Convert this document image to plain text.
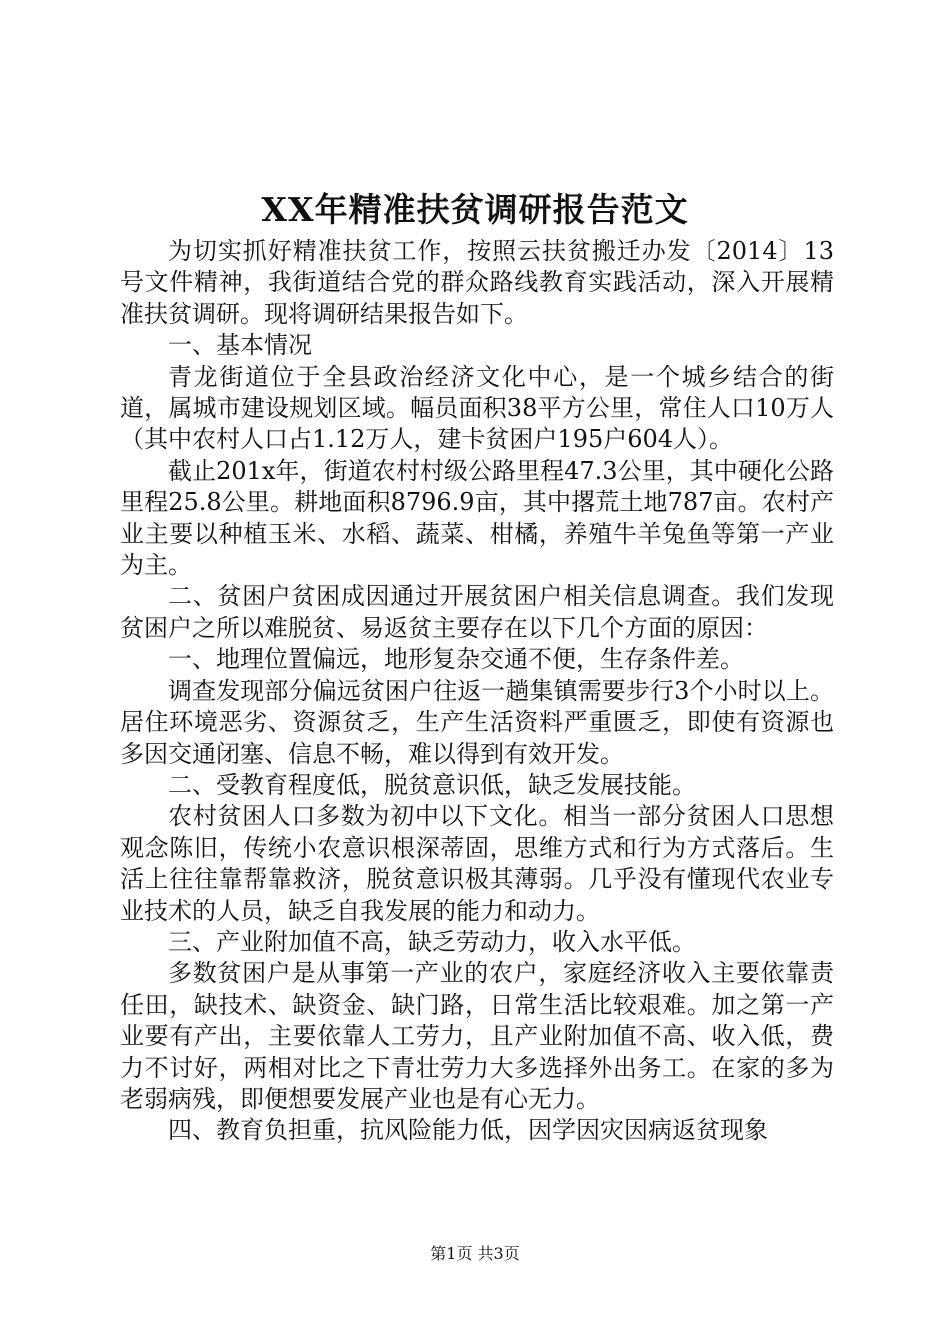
XX年精准扶贫调研报告范文

为切实抓好精准扶贫工作，按照云扶贫搬迁办发〔2014〕13号文件精神，我街道结合党的群众路线教育实践活动，深入开展精准扶贫调研。现将调研结果报告如下。

一、基本情况

青龙街道位于全县政治经济文化中心，是一个城乡结合的街道，属城市建设规划区域。幅员面积38平方公里，常住人口10万人（其中农村人口占1.12万人，建卡贫困户195户604人）。

截止201x年，街道农村村级公路里程47.3公里，其中硬化公路里程25.8公里。耕地面积8796.9亩，其中撂荒土地787亩。农村产业主要以种植玉米、水稻、蔬菜、柑橘，养殖牛羊兔鱼等第一产业为主。

二、贫困户贫困成因通过开展贫困户相关信息调查。我们发现贫困户之所以难脱贫、易返贫主要存在以下几个方面的原因：

一、地理位置偏远，地形复杂交通不便，生存条件差。

调查发现部分偏远贫困户往返一趟集镇需要步行3个小时以上。居住环境恶劣、资源贫乏，生产生活资料严重匮乏，即使有资源也多因交通闭塞、信息不畅，难以得到有效开发。

二、受教育程度低，脱贫意识低，缺乏发展技能。

农村贫困人口多数为初中以下文化。相当一部分贫困人口思想观念陈旧，传统小农意识根深蒂固，思维方式和行为方式落后。生活上往往靠帮靠救济，脱贫意识极其薄弱。几乎没有懂现代农业专业技术的人员，缺乏自我发展的能力和动力。

三、产业附加值不高，缺乏劳动力，收入水平低。

多数贫困户是从事第一产业的农户，家庭经济收入主要依靠责任田，缺技术、缺资金、缺门路，日常生活比较艰难。加之第一产业要有产出，主要依靠人工劳力，且产业附加值不高、收入低，费力不讨好，两相对比之下青壮劳力大多选择外出务工。在家的多为老弱病残，即便想要发展产业也是有心无力。

四、教育负担重，抗风险能力低，因学因灾因病返贫现象

第1页 共3页
